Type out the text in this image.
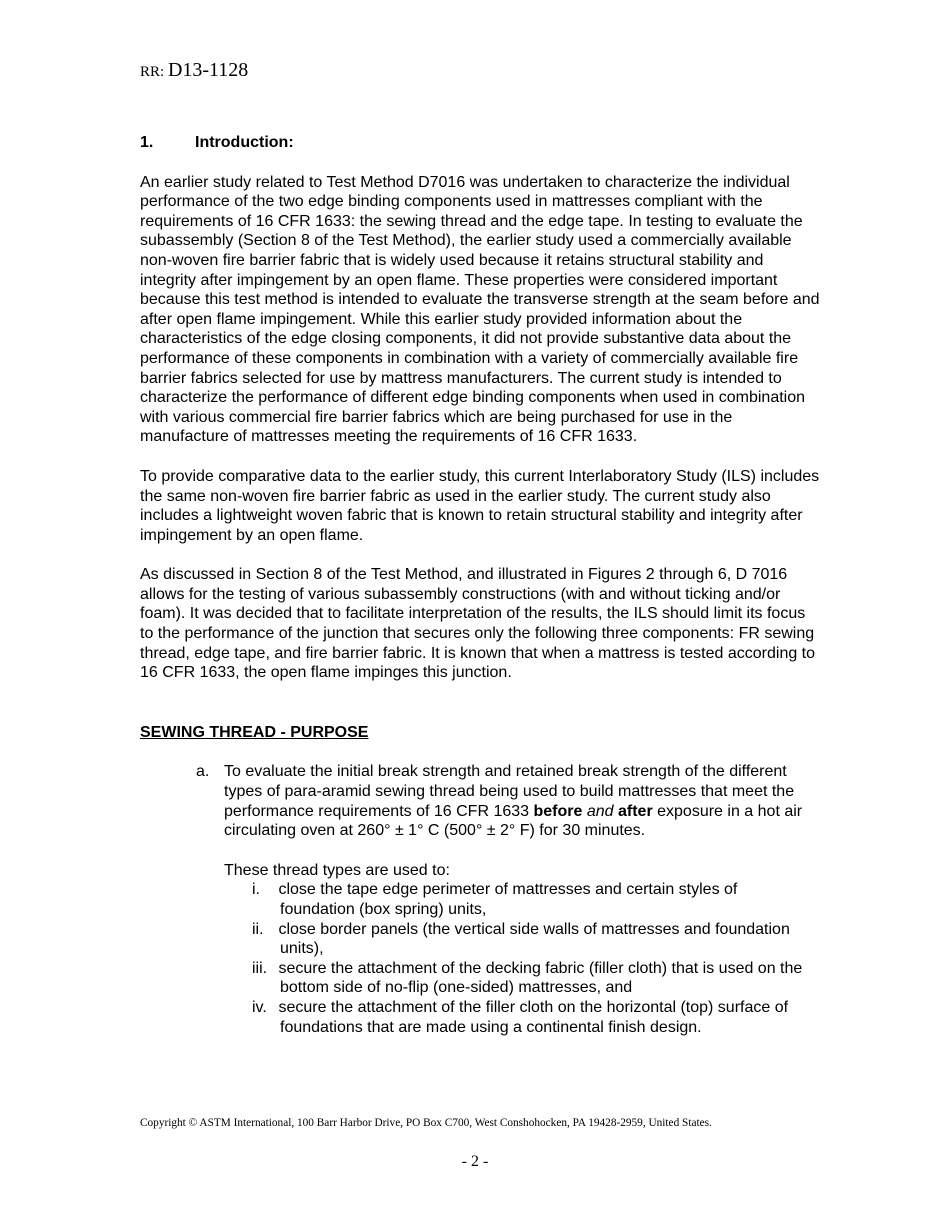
RR: D13-1128

1.	Introduction:

An earlier study related to Test Method D7016 was undertaken to characterize the individual performance of the two edge binding components used in mattresses compliant with the requirements of 16 CFR 1633: the sewing thread and the edge tape. In testing to evaluate the subassembly (Section 8 of the Test Method), the earlier study used a commercially available non-woven fire barrier fabric that is widely used because it retains structural stability and integrity after impingement by an open flame. These properties were considered important because this test method is intended to evaluate the transverse strength at the seam before and after open flame impingement. While this earlier study provided information about the characteristics of the edge closing components, it did not provide substantive data about the performance of these components in combination with a variety of commercially available fire barrier fabrics selected for use by mattress manufacturers. The current study is intended to characterize the performance of different edge binding components when used in combination with various commercial fire barrier fabrics which are being purchased for use in the manufacture of mattresses meeting the requirements of 16 CFR 1633.

To provide comparative data to the earlier study, this current Interlaboratory Study (ILS) includes the same non-woven fire barrier fabric as used in the earlier study. The current study also includes a lightweight woven fabric that is known to retain structural stability and integrity after impingement by an open flame.

As discussed in Section 8 of the Test Method, and illustrated in Figures 2 through 6, D 7016 allows for the testing of various subassembly constructions (with and without ticking and/or foam). It was decided that to facilitate interpretation of the results, the ILS should limit its focus to the performance of the junction that secures only the following three components: FR sewing thread, edge tape, and fire barrier fabric. It is known that when a mattress is tested according to 16 CFR 1633, the open flame impinges this junction.

SEWING THREAD - PURPOSE

a. To evaluate the initial break strength and retained break strength of the different types of para-aramid sewing thread being used to build mattresses that meet the performance requirements of 16 CFR 1633 before and after exposure in a hot air circulating oven at 260° ± 1° C (500° ± 2° F) for 30 minutes.

These thread types are used to:

i. close the tape edge perimeter of mattresses and certain styles of foundation (box spring) units,
ii. close border panels (the vertical side walls of mattresses and foundation units),
iii. secure the attachment of the decking fabric (filler cloth) that is used on the bottom side of no-flip (one-sided) mattresses, and
iv. secure the attachment of the filler cloth on the horizontal (top) surface of foundations that are made using a continental finish design.
Copyright © ASTM International, 100 Barr Harbor Drive, PO Box C700, West Conshohocken, PA 19428-2959, United States.
- 2 -
